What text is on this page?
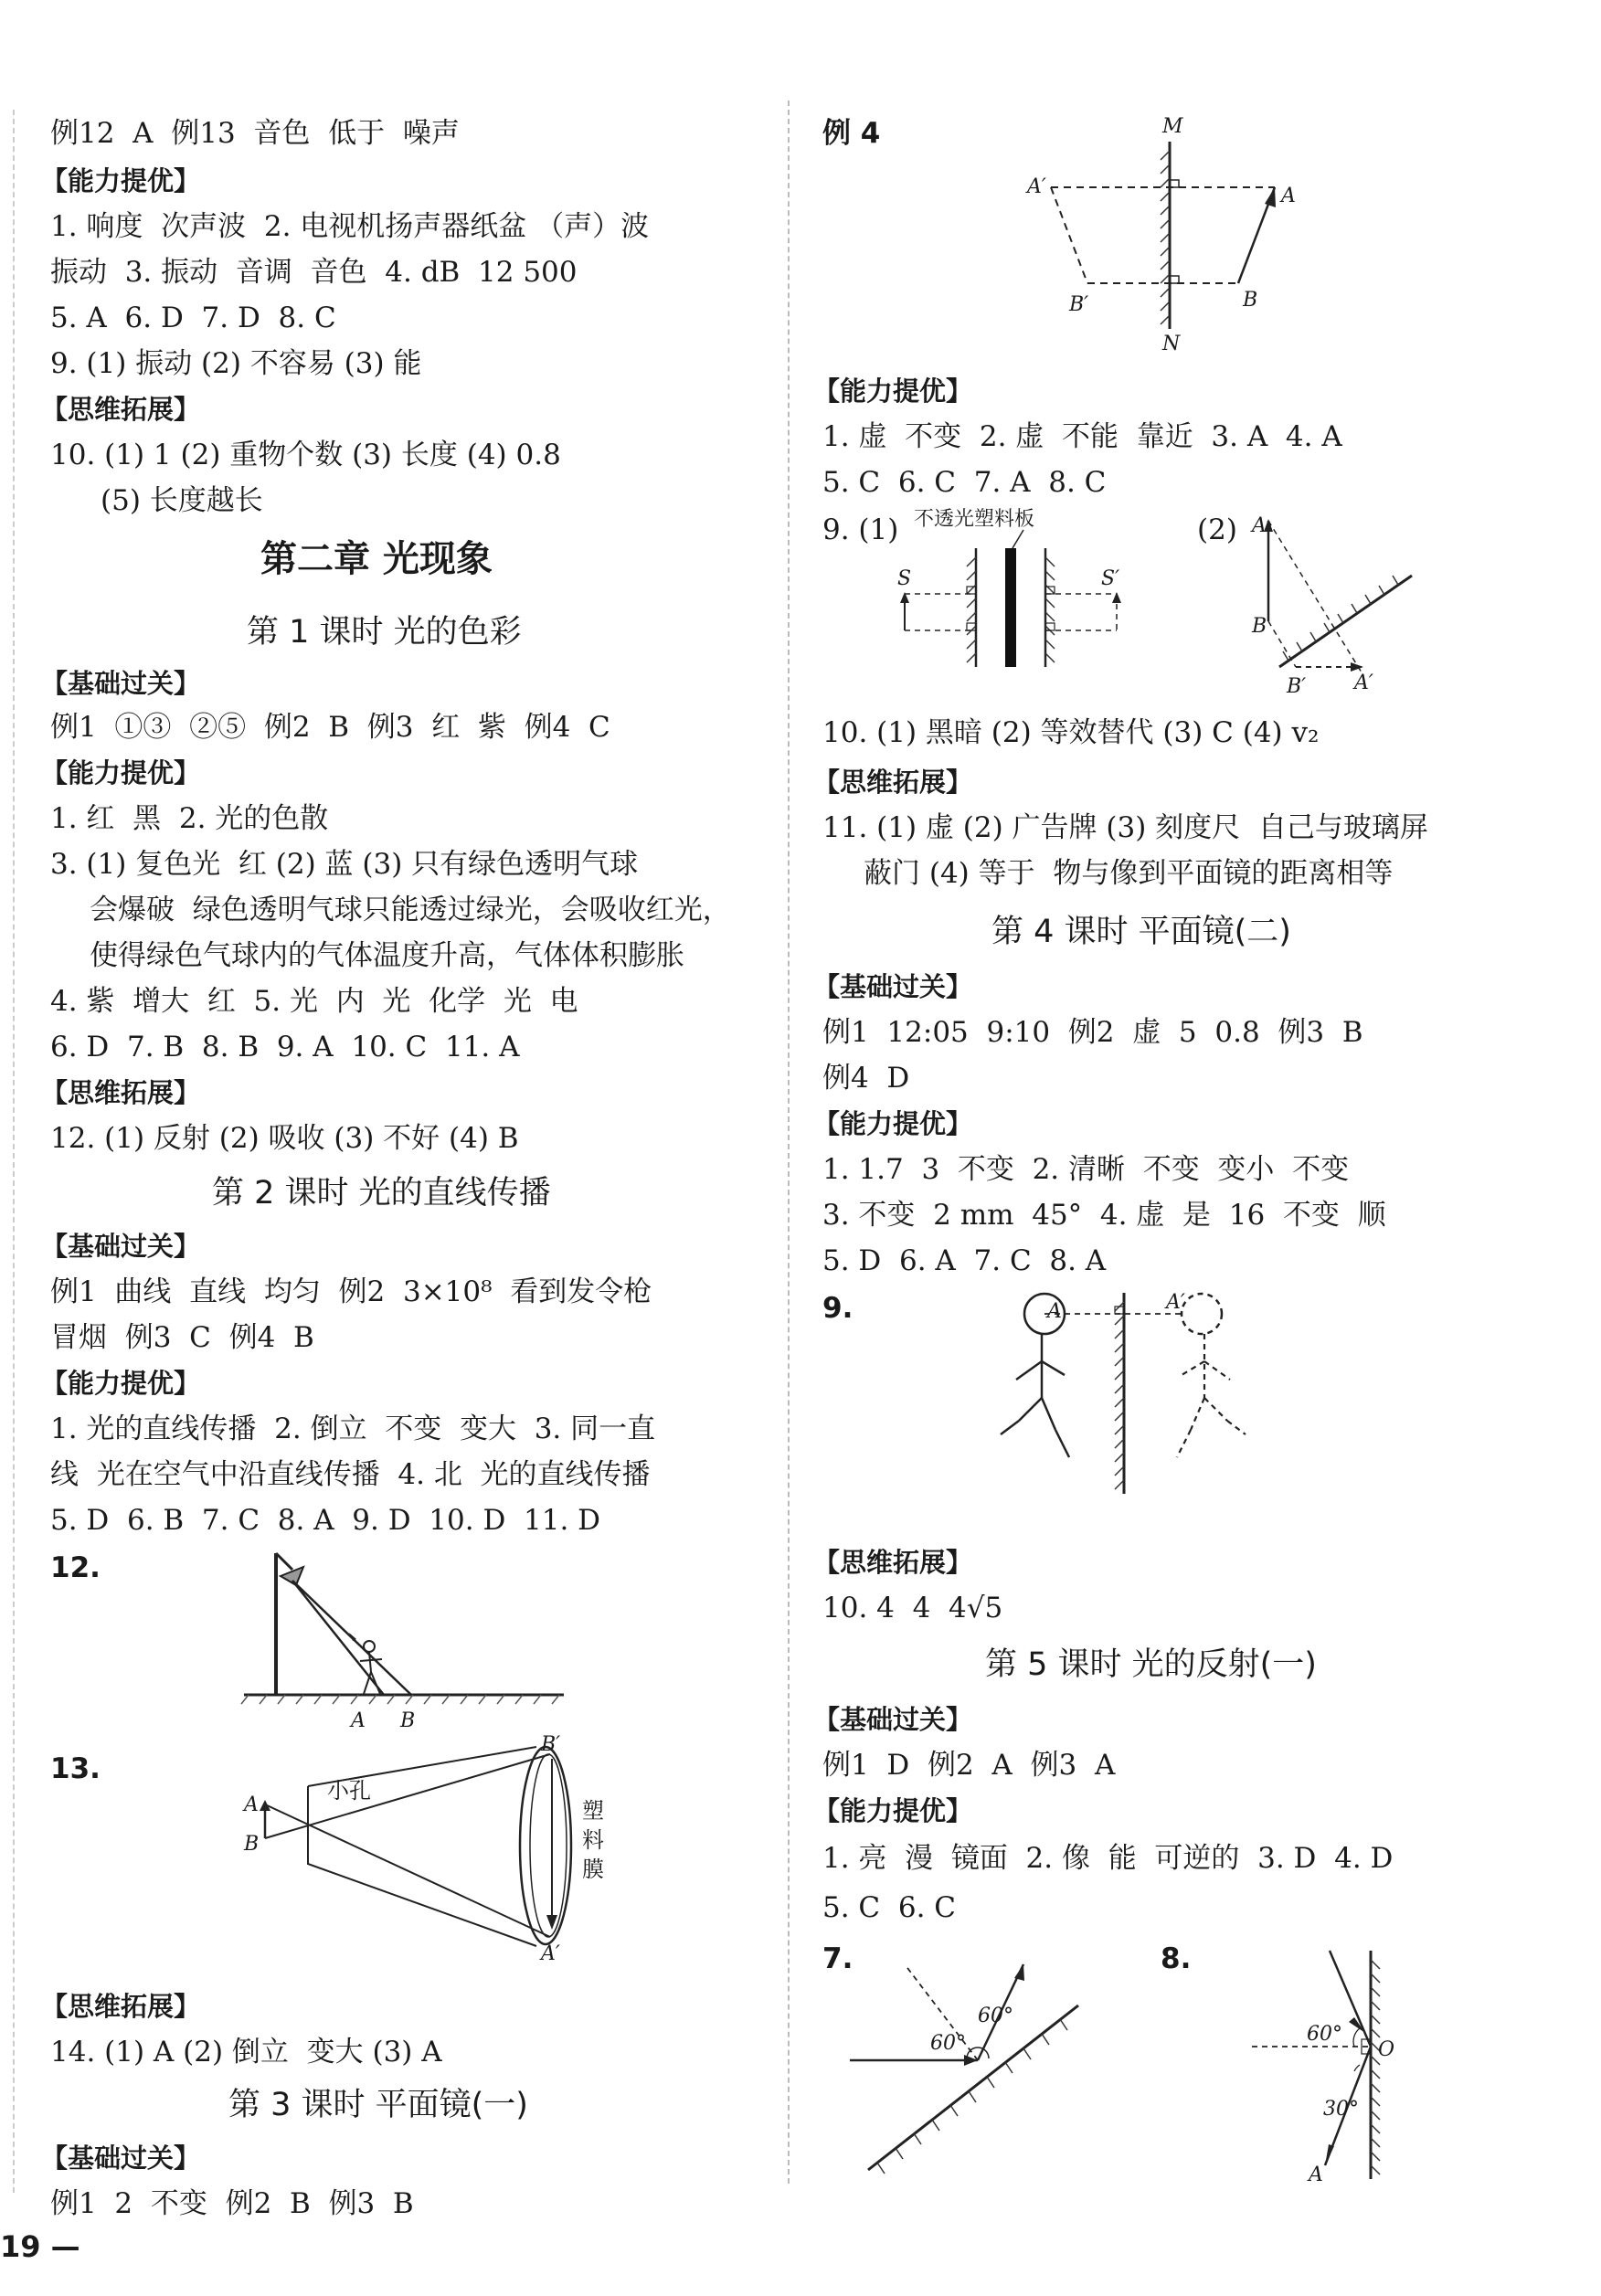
例12  A  例13  音色  低于  噪声
【能力提优】
1. 响度  次声波  2. 电视机扬声器纸盆 （声）波
振动  3. 振动  音调  音色  4. dB  12 500
5. A  6. D  7. D  8. C
9. (1) 振动 (2) 不容易 (3) 能
【思维拓展】
10. (1) 1 (2) 重物个数 (3) 长度 (4) 0.8
(5) 长度越长
第二章 光现象
第 1 课时 光的色彩
【基础过关】
例1  ①③  ②⑤  例2  B  例3  红  紫  例4  C
【能力提优】
1. 红  黑  2. 光的色散
3. (1) 复色光  红 (2) 蓝 (3) 只有绿色透明气球
会爆破  绿色透明气球只能透过绿光，会吸收红光，
使得绿色气球内的气体温度升高，气体体积膨胀
4. 紫  增大  红  5. 光  内  光  化学  光  电
6. D  7. B  8. B  9. A  10. C  11. A
【思维拓展】
12. (1) 反射 (2) 吸收 (3) 不好 (4) B
第 2 课时 光的直线传播
【基础过关】
例1  曲线  直线  均匀  例2  3×10⁸  看到发令枪
冒烟  例3  C  例4  B
【能力提优】
1. 光的直线传播  2. 倒立  不变  变大  3. 同一直
线  光在空气中沿直线传播  4. 北  光的直线传播
5. D  6. B  7. C  8. A  9. D  10. D  11. D
12.
A B
13.
A
B
小孔
B′
A′
塑
料
膜
【思维拓展】
14. (1) A (2) 倒立  变大 (3) A
第 3 课时 平面镜(一)
【基础过关】
例1  2  不变  例2  B  例3  B
例 4	M
N
A′	A
B′	B
【能力提优】
1. 虚  不变  2. 虚  不能  靠近  3. A  4. A
5. C  6. C  7. A  8. C
9. (1) 不透光塑料板
S	S′
(2) A
B
B′ A′
10. (1) 黑暗 (2) 等效替代 (3) C (4) v₂
【思维拓展】
11. (1) 虚 (2) 广告牌 (3) 刻度尺  自己与玻璃屏
蔽门 (4) 等于  物与像到平面镜的距离相等
第 4 课时 平面镜(二)
【基础过关】
例1  12:05  9:10  例2  虚  5  0.8  例3  B
例4  D
【能力提优】
1. 1.7  3  不变  2. 清晰  不变  变小  不变
3. 不变  2 mm  45°  4. 虚  是  16  不变  顺
5. D  6. A  7. C  8. A
9.	A	A′
【思维拓展】
10. 4  4  4√5
第 5 课时 光的反射(一)
【基础过关】
例1  D  例2  A  例3  A
【能力提优】
1. 亮  漫  镜面  2. 像  能  可逆的  3. D  4. D
5. C  6. C
7.
60°
60°
8.
60°
O
30°
A
19 —
